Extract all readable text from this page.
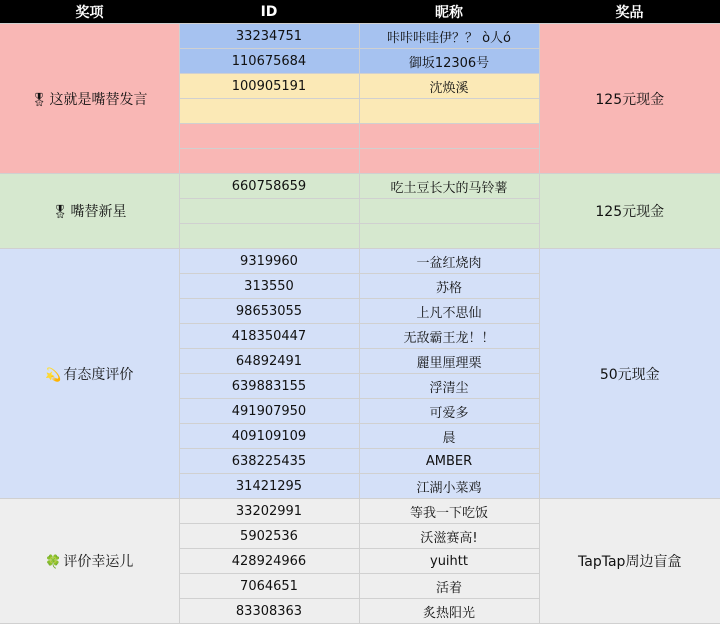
奖项	ID	昵称	奖品
🎖 这就是嘴替发言	33234751	咔咔咔哇伊？？ ò人ó	125元现金
	110675684	御坂12306号	
	100905191	沈焕溪	

🎖 嘴替新星	660758659	吃土豆长大的马铃薯	125元现金

💫 有态度评价	9319960	一盆红烧肉	50元现金
	313550	苏格	
	98653055	上凡不思仙	
	418350447	无敌霸王龙！！	
	64892491	麗里厘理栗	
	639883155	浮清尘	
	491907950	可爱多	
	409109109	晨	
	638225435	AMBER	
	31421295	江湖小菜鸡	
🍀 评价幸运儿	33202991	等我一下吃饭	TapTap周边盲盒
	5902536	沃滋赛高!	
	428924966	yuihtt	
	7064651	活着	
	83308363	炙热阳光	
